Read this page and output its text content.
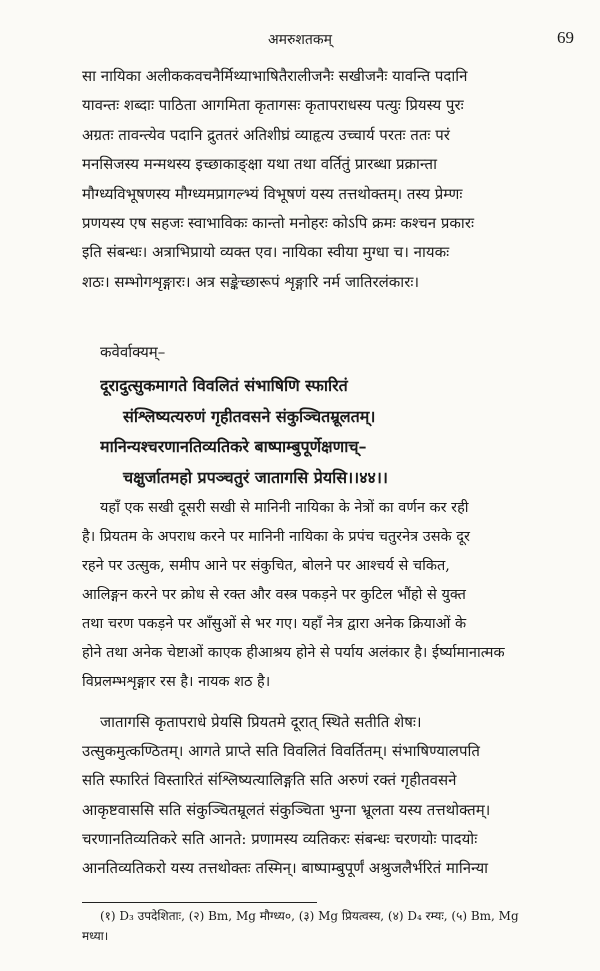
अमरुशतकम्	69
सा नायिका अलीककवचनैर्मिथ्याभाषितैरालीजनैः सखीजनैः यावन्ति पदानि
यावन्तः शब्दाः पाठिता आगमिता कृतागसः कृतापराधस्य पत्युः प्रियस्य पुरः
अग्रतः तावन्त्येव पदानि द्रुततरं अतिशीघ्रं व्याहृत्य उच्चार्य परतः ततः परं
मनसिजस्य मन्मथस्य इच्छाकाङ्क्षा यथा तथा वर्तितुं प्रारब्धा प्रक्रान्ता
मौग्ध्यविभूषणस्य मौग्ध्यमप्रागल्भ्यं विभूषणं यस्य तत्तथोक्तम्। तस्य प्रेम्णः
प्रणयस्य एष सहजः स्वाभाविकः कान्तो मनोहरः कोऽपि क्रमः कश्चन प्रकारः
इति संबन्धः। अत्राभिप्रायो व्यक्त एव। नायिका स्वीया मुग्धा च। नायकः
शठः। सम्भोगशृङ्गारः। अत्र सङ्केच्छारूपं शृङ्गारि नर्म जातिरलंकारः।
कवेर्वाक्यम्–
दूरादुत्सुकमागते विवलितं संभाषिणि स्फारितं
संश्लिष्यत्यरुणं गृहीतवसने संकुञ्चितम्रूलतम्।
मानिन्यश्चरणानतिव्यतिकरे बाष्पाम्बुपूर्णेक्षणाच्–
चक्षुर्जातमहो प्रपञ्चतुरं जातागसि प्रेयसि।।४४।।
यहाँ एक सखी दूसरी सखी से मानिनी नायिका के नेत्रों का वर्णन कर रही
है। प्रियतम के अपराध करने पर मानिनी नायिका के प्रपंच चतुरनेत्र उसके दूर
रहने पर उत्सुक, समीप आने पर संकुचित, बोलने पर आश्चर्य से चकित,
आलिङ्गन करने पर क्रोध से रक्त और वस्त्र पकड़ने पर कुटिल भौंहो से युक्त
तथा चरण पकड़ने पर आँसुओं से भर गए। यहाँ नेत्र द्वारा अनेक क्रियाओं के
होने तथा अनेक चेष्टाओं काएक हीआश्रय होने से पर्याय अलंकार है। ईर्ष्यामानात्मक
विप्रलम्भशृङ्गार रस है। नायक शठ है।
जातागसि कृतापराधे प्रेयसि प्रियतमे दूरात् स्थिते सतीति शेषः।
उत्सुकमुत्कण्ठितम्। आगते प्राप्ते सति विवलितं विवर्तितम्। संभाषिण्यालपति
सति स्फारितं विस्तारितं संश्लिष्यत्यालिङ्गति सति अरुणं रक्तं गृहीतवसने
आकृष्टवाससि सति संकुञ्चितम्रूलतं संकुञ्चिता भुग्ना भ्रूलता यस्य तत्तथोक्तम्।
चरणानतिव्यतिकरे सति आनते: प्रणामस्य व्यतिकरः संबन्धः चरणयोः पादयोः
आनतिव्यतिकरो यस्य तत्तथोक्तः तस्मिन्। बाष्पाम्बुपूर्णं अश्रुजलैर्भरितं मानिन्या
(१) D₃ उपदेशिताः, (२) Bm, Mg मौग्ध्य०, (३) Mg प्रियत्वस्य, (४) D₄ रम्यः, (५) Bm, Mg
मध्या।
